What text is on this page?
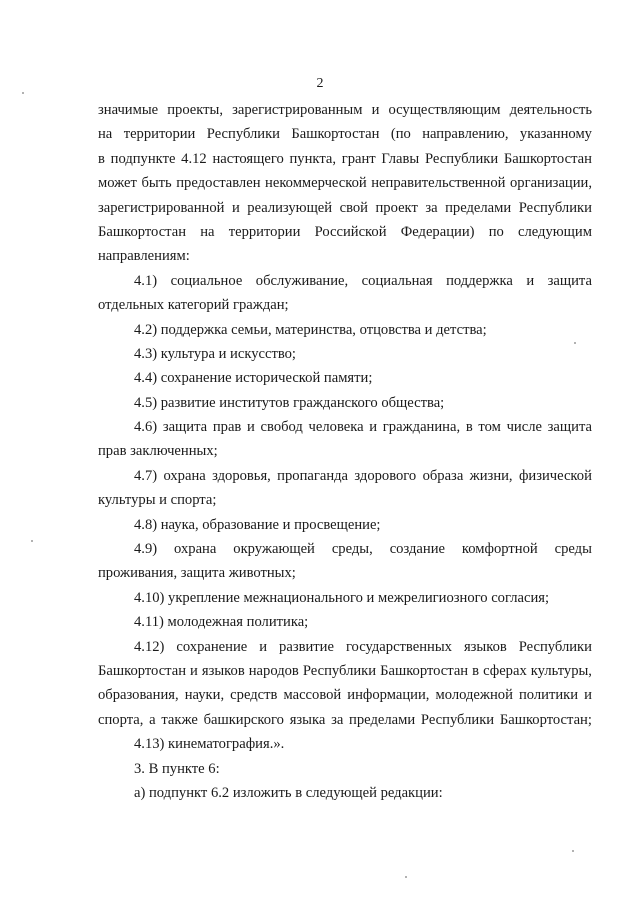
2
значимые проекты, зарегистрированным и осуществляющим деятельность
на территории Республики Башкортостан (по направлению, указанному
в подпункте 4.12 настоящего пункта, грант Главы Республики Башкортостан
может быть предоставлен некоммерческой неправительственной организации,
зарегистрированной и реализующей свой проект за пределами Республики
Башкортостан на территории Российской Федерации) по следующим
направлениям:
4.1) социальное обслуживание, социальная поддержка и защита
отдельных категорий граждан;
4.2) поддержка семьи, материнства, отцовства и детства;
4.3) культура и искусство;
4.4) сохранение исторической памяти;
4.5) развитие институтов гражданского общества;
4.6) защита прав и свобод человека и гражданина, в том числе защита
прав заключенных;
4.7) охрана здоровья, пропаганда здорового образа жизни, физической
культуры и спорта;
4.8) наука, образование и просвещение;
4.9) охрана окружающей среды, создание комфортной среды
проживания, защита животных;
4.10) укрепление межнационального и межрелигиозного согласия;
4.11) молодежная политика;
4.12) сохранение и развитие государственных языков Республики
Башкортостан и языков народов Республики Башкортостан в сферах культуры,
образования, науки, средств массовой информации, молодежной политики и
спорта, а также башкирского языка за пределами Республики Башкортостан;
4.13) кинематография.».
3. В пункте 6:
а) подпункт 6.2 изложить в следующей редакции:
